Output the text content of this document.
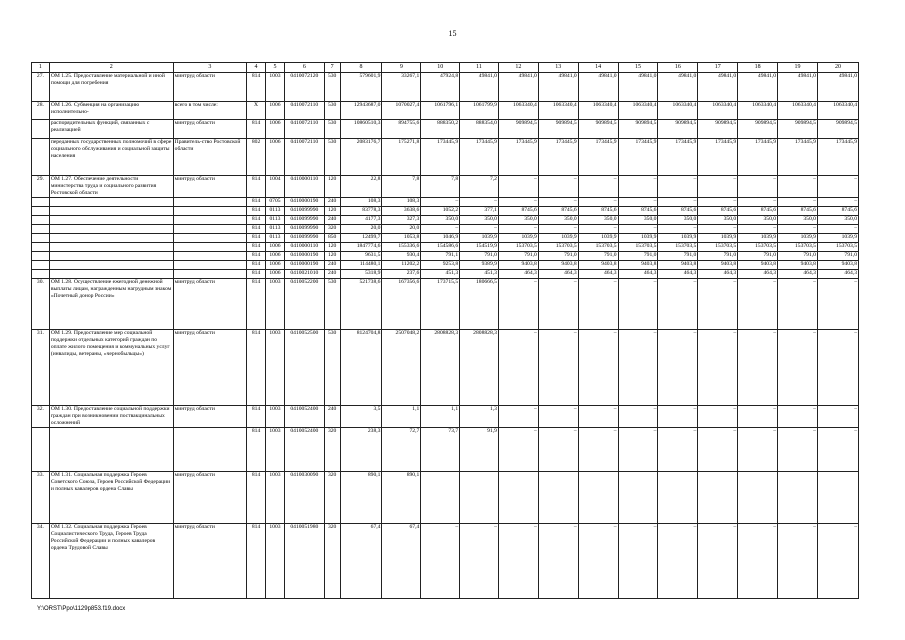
15
1	2	3	4	5	6	7	8	9	10	11	12	13	14	15	16	17	18	19	20
27.	ОМ 1.25. Предоставление материальной и иной помощи для погребения	минтруд области	814	1003	0410072120	530	579601,9	33267,1	47924,8	49841,0	49841,0	49841,0	49841,0	49841,0	49841,0	49841,0	49841,0	49841,0	49841,0
28.	ОМ 1.26. Субвенция на организацию исполнительно-	всего в том числе:	Х	1006	0410072110	530	12943687,0	1070027,4	1061796,1	1061799,9	1063340,4	1063340,4	1063340,4	1063340,4	1063340,4	1063340,4	1063340,4	1063340,4	1063340,4
	распорядительных функций, связанных с реализацией	минтруд области	814	1006	0410072110	530	10860510,3	894755,6	888350,2	888354,0	909894,5	909894,5	909894,5	909894,5	909894,5	909894,5	909894,5	909894,5	909894,5
	переданных государственных полномочий в сфере социального обслуживания и социальной защиты населения	Правитель-ство Ростовской области	802	1006	0410072110	530	2083176,7	175271,8	173445,9	173445,9	173445,9	173445,9	173445,9	173445,9	173445,9	173445,9	173445,9	173445,9	173445,9
29.	ОМ 1.27. Обеспечение деятельности министерства труда и социального развития Ростовской области	минтруд области	814	1004	0410000110	120	22,8	7,8	7,8	7,2	–	–	–	–	–	–	–	–	–
			814	0705	0410000190	240	108,3	108,3	–	–	–	–	–	–	–	–	–	–	–
			814	0113	0410099990	120	83778,3	3638,6	1052,2	377,1	8745,6	8745,6	8745,6	8745,6	8745,6	8745,6	8745,6	8745,6	8745,6
			814	0113	0410099990	240	4177,3	327,3	350,0	350,0	350,0	350,0	350,0	350,0	350,0	350,0	350,0	350,0	350,0
			814	0113	0410099990	320	20,0	20,0	–	–	–	–	–	–	–	–	–	–	–
			814	0113	0410099990	850	12499,7	1053,8	1046,9	1039,9	1039,9	1039,9	1039,9	1039,9	1039,9	1039,9	1039,9	1039,9	1039,9
			814	1006	0410000110	120	1847774,6	155336,6	154586,6	154519,9	153703,5	153703,5	153703,5	153703,5	153703,5	153703,5	153703,5	153703,5	153703,5
			814	1006	0410000190	120	9631,5	930,4	791,1	791,0	791,0	791,0	791,0	791,0	791,0	791,0	791,0	791,0	791,0
			814	1006	0410000190	240	114480,1	11202,2	9253,8	9389,9	9403,8	9403,8	9403,8	9403,8	9403,8	9403,8	9403,8	9403,8	9403,8
			814	1006	0410021010	240	5318,9	237,6	451,3	451,3	464,3	464,3	464,3	464,3	464,3	464,3	464,3	464,3	464,3
30.	ОМ 1.28. Осуществление ежегодной денежной выплаты лицам, награжденным нагрудным знаком «Почетный донор России»	минтруд области	814	1003	0410052200	530	521738,6	167356,6	173715,5	180666,5	–	–	–	–	–	–	–	–	–
31.	ОМ 1.29. Предоставление мер социальной поддержки отдельных категорий граждан по оплате жилого помещения и коммунальных услуг (инвалиды, ветераны, «чернобыльцы»)	минтруд области	814	1003	0410052500	530	8124704,8	2507048,2	2808828,3	2808828,3	–	–	–	–	–	–	–	–	–
32.	ОМ 1.30. Предоставление социальной поддержки граждан при возникновении поствакцинальных осложнений	минтруд области	814	1003	0410052400	240	3,5	1,1	1,1	1,3	–	–	–	–	–	–	–	–	–
			814	1003	0410052400	320	238,3	72,7	73,7	91,9	–	–	–	–	–	–	–	–	–
33.	ОМ 1.31. Социальная поддержка Героев Советского Союза, Героев Российской Федерации и полных кавалеров ордена Славы	минтруд области	814	1003	0410030090	320	890,1	890,1											
34.	ОМ 1.32. Социальная поддержка Героев Социалистического Труда, Героев Труда Российской Федерации и полных кавалеров ордена Трудовой Славы	минтруд области	814	1003	0410051980	320	67,4	67,4	–	–	–	–	–	–	–	–	–	–	–
Y:\ORST\Ppo\1129p853.f19.docx
